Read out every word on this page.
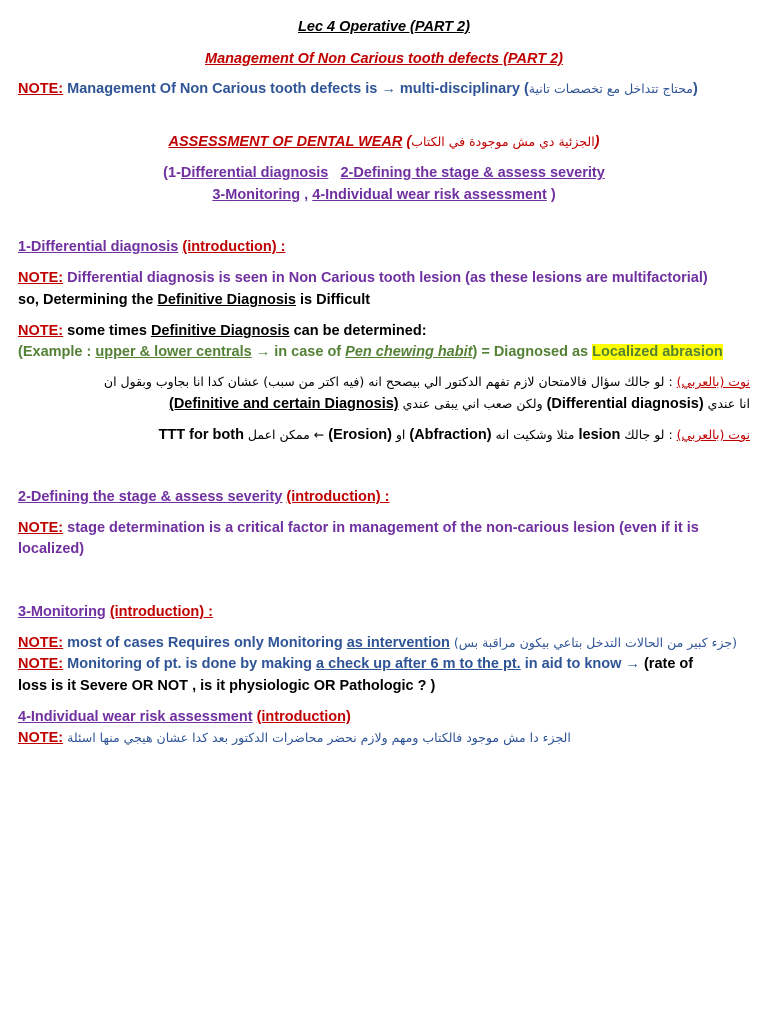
Lec 4 Operative (PART 2)
Management Of Non Carious tooth defects (PART 2)
NOTE: Management Of Non Carious tooth defects is → multi-disciplinary (محتاج تتداخل مع تخصصات تانية)
ASSESSMENT OF DENTAL WEAR (الجزئية دي مش موجودة في الكتاب)
(1-Differential diagnosis 2-Defining the stage & assess severity
3-Monitoring , 4-Individual wear risk assessment )
1-Differential diagnosis (introduction) :
NOTE: Differential diagnosis is seen in Non Carious tooth lesion (as these lesions are multifactorial)
so, Determining the Definitive Diagnosis is Difficult
NOTE: some times Definitive Diagnosis can be determined:
(Example : upper & lower centrals → in case of Pen chewing habit) = Diagnosed as Localized abrasion
نوت (بالعربي) : لو جالك سؤال فالامتحان لازم تفهم الدكتور الي بيصحح انه (فيه اكتر من سبب) عشان كدا انا بجاوب وبقول ان
انا عندي (Differential diagnosis) ولكن صعب اني يبقى عندي (Definitive and certain Diagnosis)
نوت (بالعربي) : لو جالك lesion مثلا وشكيت انه (Abfraction) او (Erosion) ← ممكن اعمل TTT for both
2-Defining the stage & assess severity (introduction) :
NOTE: stage determination is a critical factor in management of the non-carious lesion (even if it is
localized)
3-Monitoring (introduction) :
NOTE: most of cases Requires only Monitoring as intervention (جزء كبير من الحالات التدخل بتاعي بيكون مراقبة بس)
NOTE: Monitoring of pt. is done by making a check up after 6 m to the pt. in aid to know → (rate of
loss is it Severe OR NOT , is it physiologic OR Pathologic ? )
4-Individual wear risk assessment (introduction)
NOTE: الجزء دا مش موجود فالكتاب ومهم ولازم نحضر محاضرات الدكتور بعد كدا عشان هيجي منها اسئلة
